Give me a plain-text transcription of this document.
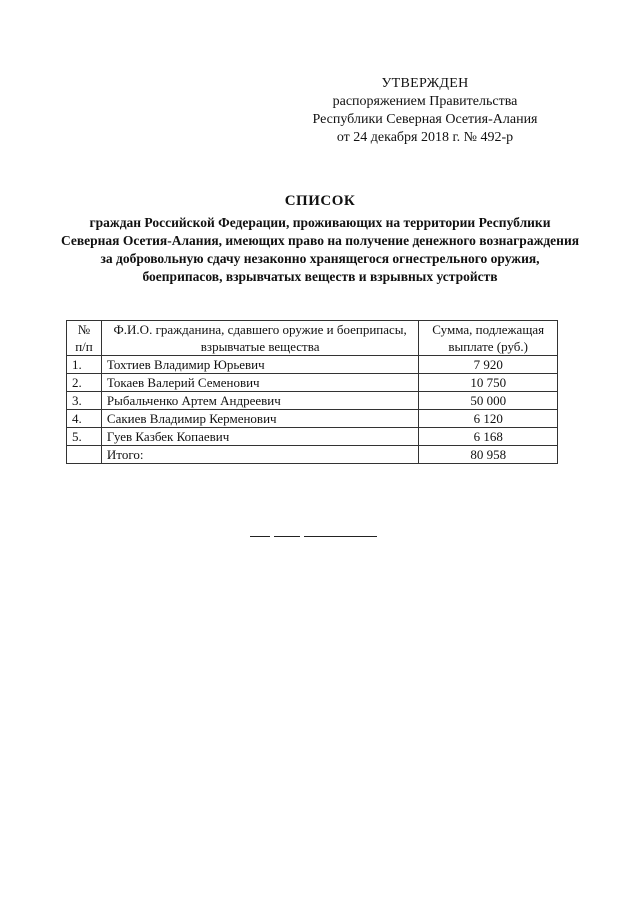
УТВЕРЖДЕН
распоряжением Правительства
Республики Северная Осетия-Алания
от 24 декабря 2018 г. № 492-р
СПИСОК
граждан Российской Федерации, проживающих на территории Республики Северная Осетия-Алания, имеющих право на получение денежного вознаграждения за добровольную сдачу незаконно хранящегося огнестрельного оружия, боеприпасов, взрывчатых веществ и взрывных устройств
№ п/п	Ф.И.О. гражданина, сдавшего оружие и боеприпасы, взрывчатые вещества	Сумма, подлежащая выплате (руб.)
1.	Тохтиев Владимир Юрьевич	7 920
2.	Токаев Валерий Семенович	10 750
3.	Рыбальченко Артем Андреевич	50 000
4.	Сакиев Владимир Керменович	6 120
5.	Гуев Казбек Копаевич	6 168
	Итого:	80 958
